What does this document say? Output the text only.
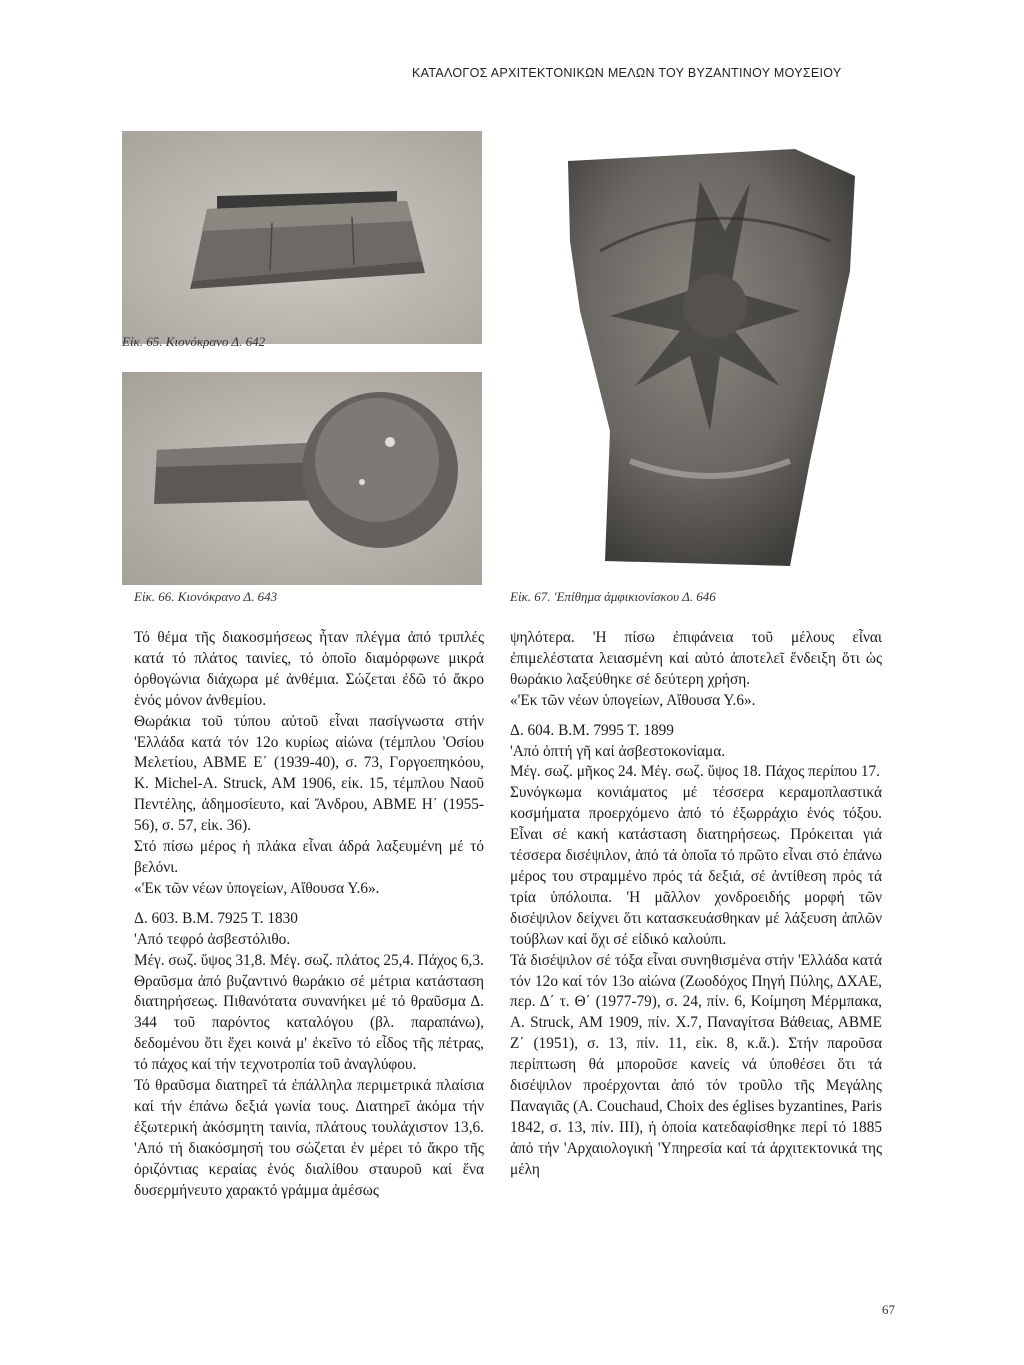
ΚΑΤΑΛΟΓΟΣ ΑΡΧΙΤΕΚΤΟΝΙΚΩΝ ΜΕΛΩΝ ΤΟΥ ΒΥΖΑΝΤΙΝΟΥ ΜΟΥΣΕΙΟΥ
Εἰκ. 65. Κιονόκρανο Δ. 642
Εἰκ. 66. Κιονόκρανο Δ. 643	Εἰκ. 67. 'Επίθημα ἀμφικιονίσκου Δ. 646

Τό θέμα τῆς διακοσμήσεως ἦταν πλέγμα ἀπό τριπλές κατά τό πλάτος ταινίες, τό ὁποῖο διαμόρφωνε μικρά ὀρθογώνια διάχωρα μέ ἀνθέμια. Σώζεται ἐδῶ τό ἄκρο ἑνός μόνον ἀνθεμίου.

Θωράκια τοῦ τύπου αὐτοῦ εἶναι πασίγνωστα στήν 'Ελλάδα κατά τόν 12ο κυρίως αἰώνα (τέμπλου 'Οσίου Μελετίου, ΑΒΜΕ Ε΄ (1939-40), σ. 73, Γοργοεπηκόου, Κ. Michel-A. Struck, AM 1906, εἰκ. 15, τέμπλου Ναοῦ Πεντέλης, ἀδημοσίευτο, καί Ἄνδρου, ΑΒΜΕ Η΄ (1955-56), σ. 57, εἰκ. 36).

Στό πίσω μέρος ἡ πλάκα εἶναι ἀδρά λαξευμένη μέ τό βελόνι.

«'Εκ τῶν νέων ὑπογείων, Αἴθουσα Υ.6».

Δ. 603. Β.Μ. 7925 Τ. 1830

'Από τεφρό ἀσβεστόλιθο.

Μέγ. σωζ. ὕψος 31,8. Μέγ. σωζ. πλάτος 25,4. Πάχος 6,3.

Θραῦσμα ἀπό βυζαντινό θωράκιο σέ μέτρια κατάσταση διατηρήσεως. Πιθανότατα συνανήκει μέ τό θραῦσμα Δ. 344 τοῦ παρόντος καταλόγου (βλ. παραπάνω), δεδομένου ὅτι ἔχει κοινά μ' ἐκεῖνο τό εἶδος τῆς πέτρας, τό πάχος καί τήν τεχνοτροπία τοῦ ἀναγλύφου.

Τό θραῦσμα διατηρεῖ τά ἐπάλληλα περιμετρικά πλαίσια καί τήν ἐπάνω δεξιά γωνία τους. Διατηρεῖ ἀκόμα τήν ἐξωτερική ἀκόσμητη ταινία, πλάτους τουλάχιστον 13,6. 'Από τή διακόσμησή του σώζεται ἐν μέρει τό ἄκρο τῆς ὀριζόντιας κεραίας ἑνός διαλίθου σταυροῦ καί ἕνα δυσερμήνευτο χαρακτό γράμμα ἀμέσως

ψηλότερα. 'Η πίσω ἐπιφάνεια τοῦ μέλους εἶναι ἐπιμελέστατα λειασμένη καί αὐτό ἀποτελεῖ ἔνδειξη ὅτι ὡς θωράκιο λαξεύθηκε σέ δεύτερη χρήση.

«'Εκ τῶν νέων ὑπογείων, Αἴθουσα Υ.6».

Δ. 604. Β.Μ. 7995 Τ. 1899

'Από ὀπτή γῆ καί ἀσβεστοκονίαμα.

Μέγ. σωζ. μῆκος 24. Μέγ. σωζ. ὕψος 18. Πάχος περίπου 17.

Συνόγκωμα κονιάματος μέ τέσσερα κεραμοπλαστικά κοσμήματα προερχόμενο ἀπό τό ἐξωρράχιο ἑνός τόξου. Εἶναι σέ κακή κατάσταση διατηρήσεως. Πρόκειται γιά τέσσερα δισέψιλον, ἀπό τά ὁποῖα τό πρῶτο εἶναι στό ἐπάνω μέρος του στραμμένο πρός τά δεξιά, σέ ἀντίθεση πρός τά τρία ὑπόλοιπα. 'Η μᾶλλον χονδροειδής μορφή τῶν δισέψιλον δείχνει ὅτι κατασκευάσθηκαν μέ λάξευση ἁπλῶν τούβλων καί ὄχι σέ εἰδικό καλούπι.

Τά δισέψιλον σέ τόξα εἶναι συνηθισμένα στήν 'Ελλάδα κατά τόν 12ο καί τόν 13ο αἰώνα (Ζωοδόχος Πηγή Πύλης, ΔΧΑΕ, περ. Δ΄ τ. Θ΄ (1977-79), σ. 24, πίν. 6, Κοίμηση Μέρμπακα, A. Struck, AM 1909, πίν. Χ.7, Παναγίτσα Βάθειας, ΑΒΜΕ Ζ΄ (1951), σ. 13, πίν. 11, εἰκ. 8, κ.ἄ.). Στήν παροῦσα περίπτωση θά μποροῦσε κανείς νά ὑποθέσει ὅτι τά δισέψιλον προέρχονται ἀπό τόν τροῦλο τῆς Μεγάλης Παναγιᾶς (A. Couchaud, Choix des églises byzantines, Paris 1842, σ. 13, πίν. III), ἡ ὁποία κατεδαφίσθηκε περί τό 1885 ἀπό τήν 'Αρχαιολογική 'Υπηρεσία καί τά ἀρχιτεκτονικά της μέλη

67
